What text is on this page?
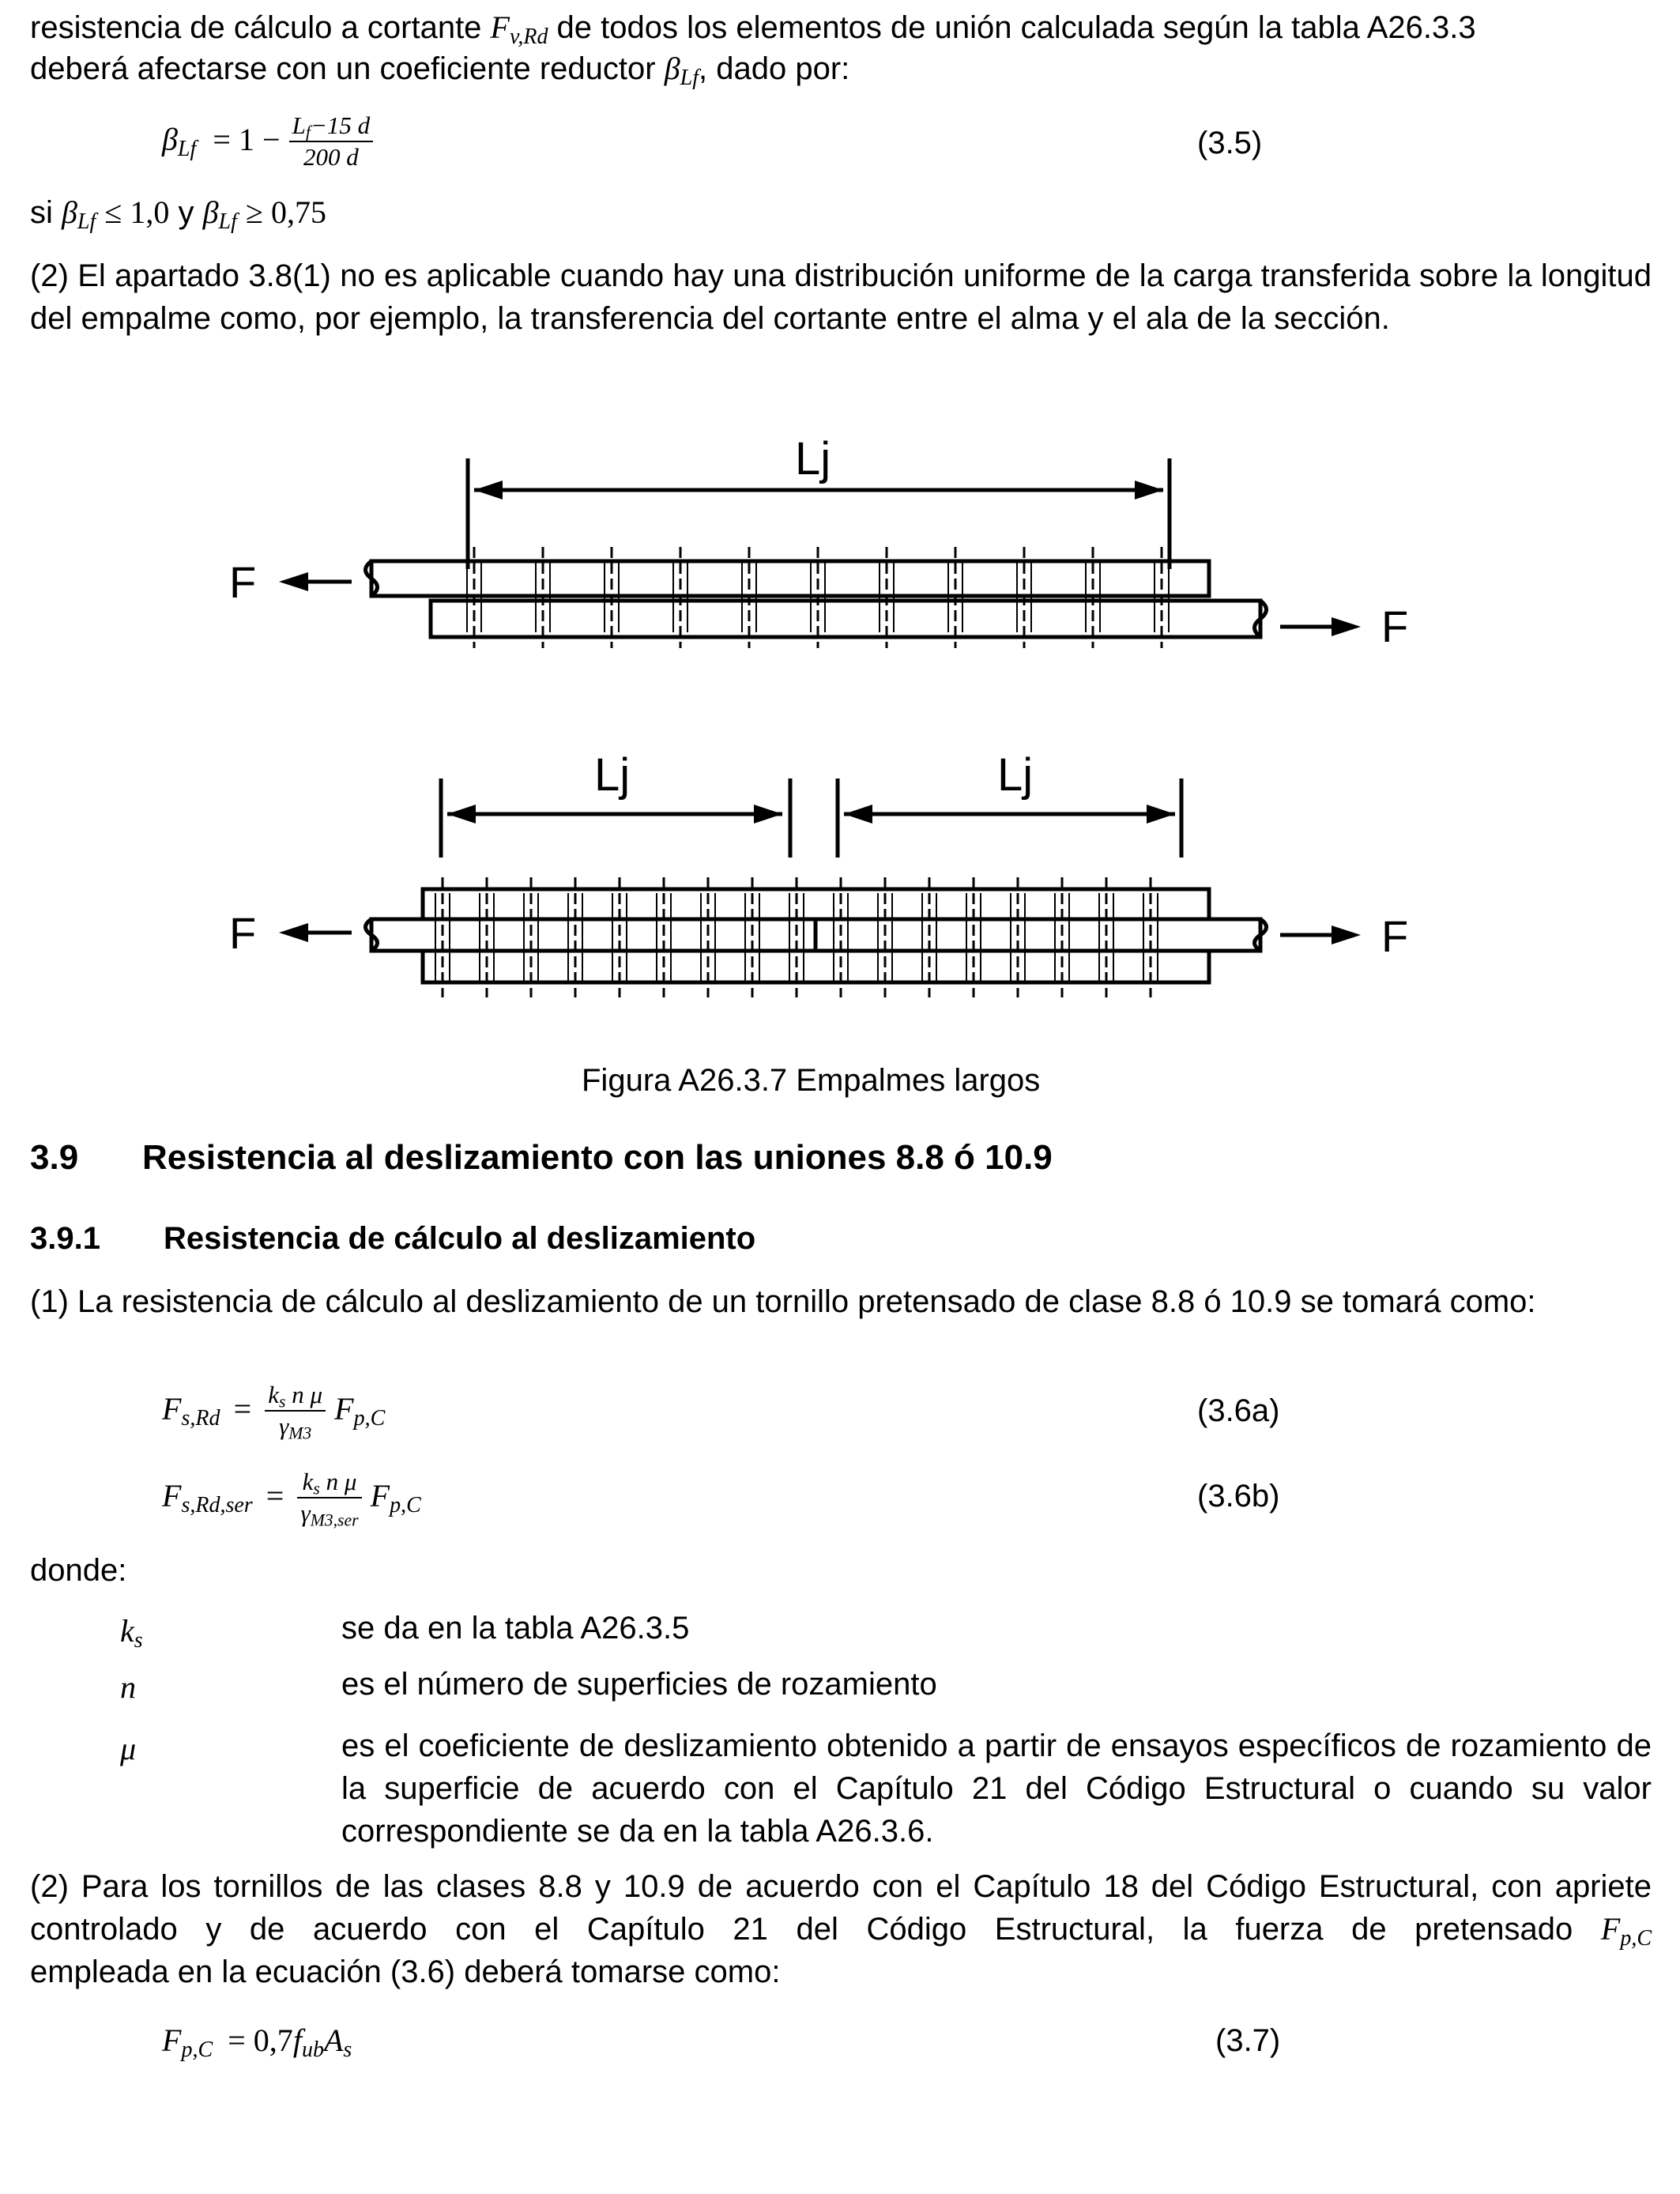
resistencia de cálculo a cortante $F_{v,Rd}$ de todos los elementos de unión calculada según la tabla A26.3.3
deberá afectarse con un coeficiente reductor $\beta_{Lf}$, dado por:
$\beta_{Lf} = 1 - \frac{L_f-15 d}{200 d}$	(3.5)
si $\beta_{Lf} \le 1,0$ y $\beta_{Lf} \ge 0,75$
(2) El apartado 3.8(1) no es aplicable cuando hay una distribución uniforme de la carga transferida sobre la longitud del empalme como, por ejemplo, la transferencia del cortante entre el alma y el ala de la sección.
Lj
Lj	Lj
F
F
F	F
Figura A26.3.7 Empalmes largos
3.9 Resistencia al deslizamiento con las uniones 8.8 ó 10.9
3.9.1 Resistencia de cálculo al deslizamiento
(1) La resistencia de cálculo al deslizamiento de un tornillo pretensado de clase 8.8 ó 10.9 se tomará como:
$F_{s,Rd} = \frac{k_s n \mu}{\gamma_{M3}} F_{p,C}$	(3.6a)
$F_{s,Rd,ser} = \frac{k_s n \mu}{\gamma_{M3,ser}} F_{p,C}$	(3.6b)
donde:
$k_s$	se da en la tabla A26.3.5
n	es el número de superficies de rozamiento
μ	es el coeficiente de deslizamiento obtenido a partir de ensayos específicos de rozamiento de la superficie de acuerdo con el Capítulo 21 del Código Estructural o cuando su valor correspondiente se da en la tabla A26.3.6.
(2) Para los tornillos de las clases 8.8 y 10.9 de acuerdo con el Capítulo 18 del Código Estructural, con apriete controlado y de acuerdo con el Capítulo 21 del Código Estructural, la fuerza de pretensado $F_{p,C}$
empleada en la ecuación (3.6) deberá tomarse como:
$F_{p,C} = 0,7f_{ub}A_s$	(3.7)
